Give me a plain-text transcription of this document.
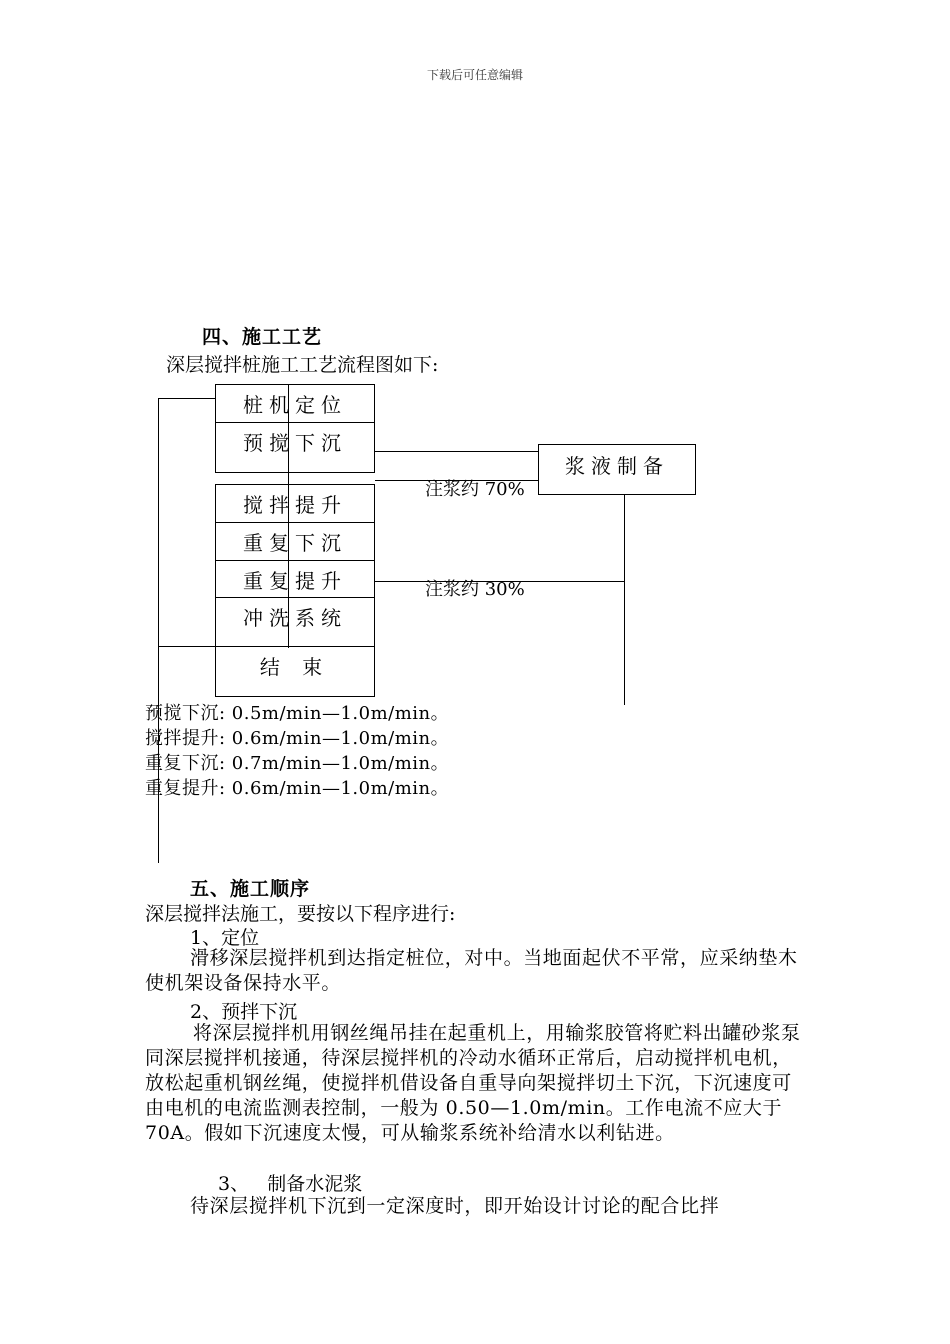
下载后可任意编辑
四、施工工艺
深层搅拌桩施工工艺流程图如下:
桩机定位
预搅下沉
搅拌提升
重复下沉
重复提升
冲洗系统
结 束
浆液制备
注浆约 70%
注浆约 30%
预搅下沉: 0.5m/min—1.0m/min。
搅拌提升: 0.6m/min—1.0m/min。
重复下沉: 0.7m/min—1.0m/min。
重复提升: 0.6m/min—1.0m/min。
五、施工顺序
深层搅拌法施工，要按以下程序进行:
1、定位
滑移深层搅拌机到达指定桩位，对中。当地面起伏不平常，应采纳垫木使机架设备保持水平。
2、预拌下沉
将深层搅拌机用钢丝绳吊挂在起重机上，用输浆胶管将贮料出罐砂浆泵同深层搅拌机接通，待深层搅拌机的冷动水循环正常后，启动搅拌机电机，放松起重机钢丝绳，使搅拌机借设备自重导向架搅拌切土下沉，下沉速度可由电机的电流监测表控制，一般为 0.50—1.0m/min。工作电流不应大于 70A。假如下沉速度太慢，可从输浆系统补给清水以利钻进。
3、   制备水泥浆
待深层搅拌机下沉到一定深度时，即开始设计讨论的配合比拌
